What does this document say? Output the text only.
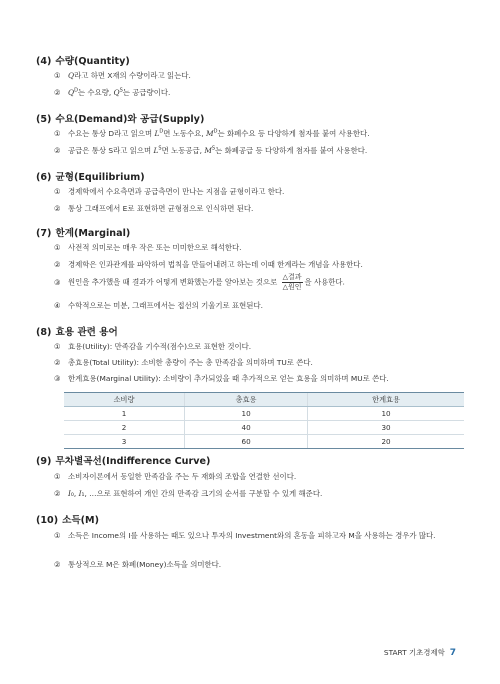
(4) 수량(Quantity)
① Q라고 하면 X재의 수량이라고 읽는다.
② $Q^D$는 수요량, $Q^S$는 공급량이다.
(5) 수요(Demand)와 공급(Supply)
① 수요는 통상 D라고 읽으며 $L^D$면 노동수요, $M^D$는 화폐수요 등 다양하게 첨자를 붙여 사용한다.
② 공급은 통상 S라고 읽으며 $L^S$면 노동공급, $M^S$는 화폐공급 등 다양하게 첨자를 붙여 사용한다.
(6) 균형(Equilibrium)
① 경제학에서 수요측면과 공급측면이 만나는 지점을 균형이라고 한다.
② 통상 그래프에서 E로 표현하면 균형점으로 인식하면 된다.
(7) 한계(Marginal)
① 사전적 의미로는 매우 작은 또는 미미한으로 해석한다.
② 경제학은 인과관계를 파악하여 법칙을 만들어내려고 하는데 이때 한계라는 개념을 사용한다.
③ 원인을 추가했을 때 결과가 어떻게 변화했는가를 알아보는 것으로 $\frac{\text{△결과}}{\text{△원인}}$ 을 사용한다.
④ 수학적으로는 미분, 그래프에서는 접선의 기울기로 표현된다.
(8) 효용 관련 용어
① 효용(Utility): 만족감을 기수적(점수)으로 표현한 것이다.
② 총효용(Total Utility): 소비한 총량이 주는 총 만족감을 의미하며 TU로 쓴다.
③ 한계효용(Marginal Utility): 소비량이 추가되었을 때 추가적으로 얻는 효용을 의미하며 MU로 쓴다.
소비량	총효용	한계효용
1	10	10
2	40	30
3	60	20
(9) 무차별곡선(Indifference Curve)
① 소비자이론에서 동일한 만족감을 주는 두 재화의 조합을 연결한 선이다.
② I₀, I₁, …으로 표현하여 개인 간의 만족감 크기의 순서를 구분할 수 있게 해준다.
(10) 소득(M)
① 소득은 Income의 I를 사용하는 때도 있으나 투자의 Investment와의 혼동을 피하고자 M을 사용하는 경우가 많다.
② 통상적으로 M은 화폐(Money)소득을 의미한다.
START 기초경제학 7
